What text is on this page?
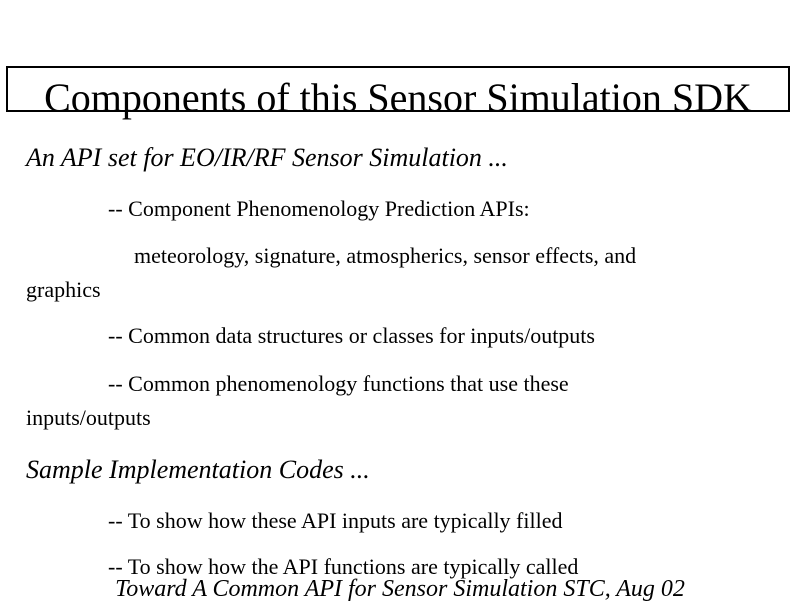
Components of this Sensor Simulation SDK
An API set for EO/IR/RF Sensor Simulation ...
-- Component Phenomenology Prediction APIs:
meteorology, signature, atmospherics, sensor effects, and
graphics
-- Common data structures or classes for inputs/outputs
-- Common phenomenology functions that use these
inputs/outputs
Sample Implementation Codes ...
-- To show how these API inputs are typically filled
-- To show how the API functions are typically called
Toward A Common API for Sensor Simulation STC, Aug 02
